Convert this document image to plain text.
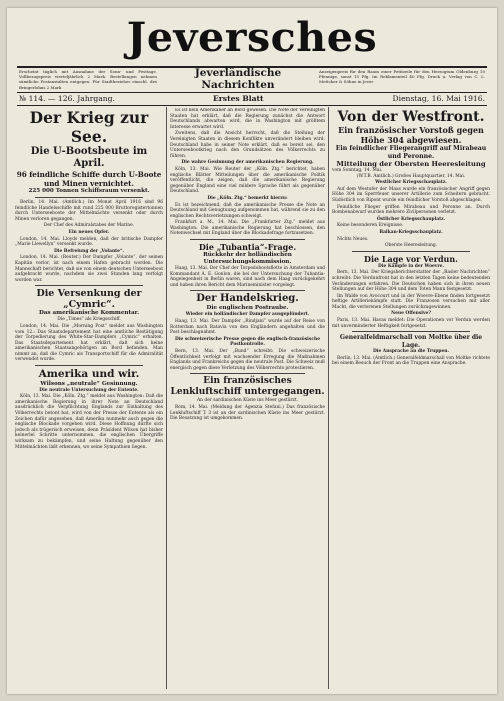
Jeversches
Erscheint täglich mit Ausnahme der Sonn- und Festtage. Vollbezugspreis vierteljährlich 2 Mark. Bestellungen nehmen sämtliche Postanstalten entgegen. Für Stadtbezieher einschl. des Bringerlohns 2 Mark
Jeverländische Nachrichten
Anzeigenpreis für den Raum einer Petitzeile für den Herzogtum Oldenburg 10 Pfennige, sonst 15 Pfg. Im Reklamenteil 40 Pfg. Druck u. Verlag von C. L. Mettcker & Söhne in Jever
№ 114. — 126. Jahrgang.	Erstes Blatt	Dienstag, 16. Mai 1916.
Der Krieg zur See.
Die U-Bootsbeute im April.
96 feindliche Schiffe durch U-Boote und Minen vernichtet.
225 000 Tonnen Schiffsraum versenkt.

Berlin, 14. Mai. (Amtlich.) Im Monat April 1916 sind 96 feindliche Handelsschiffe mit rund 225 000 Bruttoregistertonnen durch Unterseeboote der Mittelmächte versenkt oder durch Minen verloren gegangen.

Der Chef des Admiralstabes der Marine.

Ein neues Opfer.

London, 14. Mai. Lloyds melden, daß der britische Dampfer „Marie Llewellyn“ versenkt wurde.

Die Befreiung der „Volante“.

London, 14. Mai. (Reuter.) Der Dampfer „Volante“, der seinen Kapitän verlor, ist nach einem Hafen gebracht worden. Die Mannschaft berichtet, daß sie von einem deutschen Unterseeboot aufgebracht wurde, nachdem sie zwei Stunden lang verfolgt worden war.

Die Versenkung der „Cymric“.
Das amerikanische Kommentar.

Die „Times“ als Kriegsschiff.

London, 14. Mai. Die „Morning Post“ meldet aus Washington vom 12.: Das Staatsdepartement hat eine amtliche Bestätigung der Torpedierung des White-Star-Dampfers „Cymric“ erhalten. Das Staatsdepartement hat erklärt, daß sich keine amerikanischen Staatsangehörigen an Bord befanden. Man nimmt an, daß die Cymric als Transportschiff für die Admiralität verwendet wurde.

Amerika und wir.
Wilsons „neutrale“ Gesinnung.

Die neutrale Untersuchung der Entente.

Köln, 13. Mai. Die „Köln. Ztg.“ meldet aus Washington: Daß die amerikanische Regierung in ihrer Note an Deutschland ausdrücklich die Verpflichtung Englands zur Einhaltung des Völkerrechts betont hat, wird von der Presse der Entente als ein Zeichen dafür angesehen, daß Amerika nunmehr auch gegen die englische Blockade vorgehen wird. Diese Hoffnung dürfte sich jedoch als trügerisch erweisen, denn Präsident Wilson hat bisher keinerlei Schritte unternommen, die englischen Übergriffe wirksam zu bekämpfen, und seine Haltung gegenüber den Mittelmächten läßt erkennen, wo seine Sympathien liegen.

Es ist kein Amerikaner an Bord gewesen. Die Note der Vereinigten Staaten hat erklärt, daß die Regierung zunächst die Antwort Deutschlands abwarten wird, die in Washington mit größtem Interesse erwartet wird.

Zweitens, daß die Ansicht herrscht, daß die Stellung der Vereinigten Staaten in diesem Konflikte unverändert bleiben wird. Deutschland habe in seiner Note erklärt, daß es bereit sei, den Unterseebootkrieg nach den Grundsätzen des Völkerrechts zu führen.

Die wahre Gesinnung der amerikanischen Regierung.

Köln, 13. Mai. Wie Reuter der „Köln. Ztg.“ berichtet, haben englische Blätter Mitteilungen über die amerikanische Politik veröffentlicht, die zeigen, daß die amerikanische Regierung gegenüber England eine viel mildere Sprache führt als gegenüber Deutschland.

Die „Köln. Ztg.“ bemerkt hierzu:

Es ist bezeichnend, daß die amerikanische Presse die Note an Deutschland mit Genugtuung aufgenommen hat, während sie zu den englischen Rechtsverletzungen schweigt.

Frankfurt a. M., 14. Mai. Die „Frankfurter Ztg.“ meldet aus Washington: Die amerikanische Regierung hat beschlossen, den Notenwechsel mit England über die Blockadefrage fortzusetzen.

Die „Tubantia“-Frage.
Rückkehr der holländischen Untersuchungskommission.

Haag, 13. Mai. Der Chef der Torpedobootsflotte in Amsterdam und Kommandant A. E. Gonlon, die bei der Untersuchung der Tubantia-Angelegenheit in Berlin waren, sind nach dem Haag zurückgekehrt und haben ihren Bericht dem Marineminister vorgelegt.

Der Handelskrieg.
Die englischen Postraube.

Wieder ein holländischer Dampfer ausgeplündert.

Haag, 13. Mai. Der Dampfer „Rindjani“ wurde auf der Reise von Rotterdam nach Batavia von den Engländern angehalten und die Post beschlagnahmt.

Die schweizerische Presse gegen die englisch-französische Postkontrolle.

Bern, 13. Mai. Der „Bund“ schreibt: Die schweizerische Öffentlichkeit verfolgt mit wachsender Erregung die Maßnahmen Englands und Frankreichs gegen die neutrale Post. Die Schweiz muß energisch gegen diese Verletzung des Völkerrechts protestieren.

Ein französisches Lenkluftschiff untergegangen.

An der sardinischen Küste ins Meer gestürzt.

Rom, 14. Mai. (Meldung der Agenzia Stefani.) Das französische Lenkluftschiff T. 3 ist an der sardinischen Küste ins Meer gestürzt. Die Besatzung ist umgekommen.

Von der Westfront.
Ein französischer Vorstoß gegen Höhe 304 abgewiesen.
Ein feindlicher Fliegerangriff auf Mirabeau und Peronne.
Mitteilung der Obersten Heeresleitung
vom Sonntag, 14. Mai.

(W.T.B. Amtlich.) Großes Hauptquartier, 14. Mai.

Westlicher Kriegsschauplatz.

Auf dem Westufer der Maas wurde ein französischer Angriff gegen Höhe 304 im Sperrfeuer unserer Artillerie zum Scheitern gebracht. Südöstlich von Ripont wurde ein feindlicher Vorstoß abgeschlagen.

Feindliche Flieger griffen Mirabeau und Peronne an. Durch Bombenabwurf wurden mehrere Zivilpersonen verletzt.

Östlicher Kriegsschauplatz.

Keine besonderen Ereignisse.

Balkan-Kriegsschauplatz.

Nichts Neues.

Oberste Heeresleitung.

Die Lage vor Verdun.

Die Kämpfe in der Woevre.

Bern, 13. Mai. Der Kriegsberichterstatter der „Basler Nachrichten“ schreibt: Die Verdunfront hat in den letzten Tagen keine bedeutenden Veränderungen erfahren. Die Deutschen haben sich in ihren neuen Stellungen auf der Höhe 304 und dem Toten Mann festgesetzt.

Im Walde von Avocourt und in der Woevre-Ebene finden fortgesetzt heftige Artilleriekämpfe statt. Die Franzosen versuchen mit aller Macht, die verlorenen Stellungen zurückzugewinnen.

Neue Offensive?

Paris, 13. Mai. Havas meldet: Die Operationen vor Verdun werden mit unverminderter Heftigkeit fortgesetzt.

Generalfeldmarschall von Moltke über die Lage.

Die Ansprache an die Truppen.

Berlin, 13. Mai. (Amtlich.) Generalfeldmarschall von Moltke richtete bei einem Besuch der Front an die Truppen eine Ansprache.
